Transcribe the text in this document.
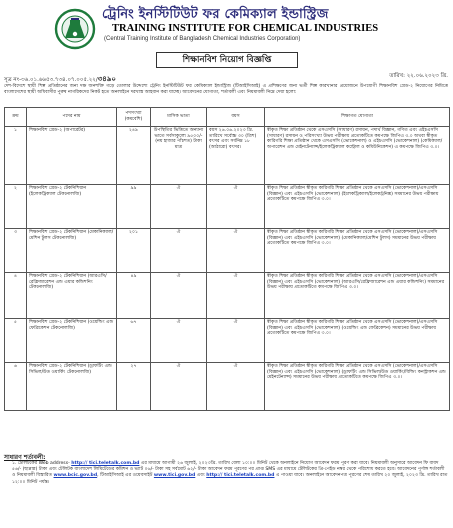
ট্রেনিং ইনস্টিটিউট ফর কেমিক্যাল ইন্ডাস্ট্রিজ
TRAINING INSTITUTE FOR CHEMICAL INDUSTRIES
(Central Training Institute of Bangladesh Chemical Industries Corporation)
শিক্ষানবিশ নিয়োগ বিজ্ঞপ্তি
সূত্র নং-৩৬.০১.৬৬৫৩.৭৩৪.০৭.০০৫.২২/৩৪৯০	তারিখ: ২২.০৬.২০২৩ খ্রি.
দেশ-বিদেশে স্থায়ী শিল্প প্রতিষ্ঠানের জন্য দক্ষ জনশক্তি গড়ে তোলার উদ্দেশ্যে ট্রেনিং ইনস্টিটিউট ফর কেমিক্যাল ইন্ডাস্ট্রিজ (টিআইসিআই) এ প্রশিক্ষণের জন্য ভর্তী শিল্প কারখানার প্রয়োজনে উপযোগী শিক্ষানবিশ গ্রেড-২ নিয়োগের নিমিত্তে বাংলাদেশের স্থায়ী অধিবাসীর পুরুষ নাগরিকদের নিকট হতে অনলাইনে দরখাস্ত আহবান করা যাচ্ছে। আবেদনের যোগ্যতা, শর্তাবলী এবং নিয়মাবলী নিম্নে দেয়া হলো:
ক্রম	পদের নাম	পদসংখ্যা (কমবেশি)	মাসিক ভাতা	বয়স	শিক্ষাগত যোগ্যতা
১	শিক্ষানবিশ গ্রেড-২ (অপারেটর)	২৪৯	উপস্থিতির ভিত্তিতে অন্যান্য ভাতে সর্বসাকুল্যে ৯৫০০/- (নয় হাজার পাঁচশত) টাকা মাত্র	বয়স ২৬.০৬.২০২৩ খ্রি. তারিখে সর্বোচ্চ ৩০ (ত্রিশ) বৎসর এবং সর্বনিম্ন ১৮ (আঠারো) বৎসর।	স্বীকৃত শিক্ষা প্রতিষ্ঠান থেকে এসএসসি (সাধারণ) রসায়ন, পদার্থ বিজ্ঞান, গণিত এবং এইচএসসি (সাধারণ) রসায়ন ও পরিসংখ্যা উভয় পরীক্ষায় প্রত্যেকটিতে কমপক্ষে জিপিএ ৩.০ অথবা স্বীকৃত কারিগরি শিক্ষা প্রতিষ্ঠান থেকে এসএসসি (ভোকেশনাল) ও এইচএসসি (ভোকেশনাল) (কেমিক্যাল/অপারেশন এন্ড মেইনটেন্যান্স/ইলেকট্রিক্যাল কন্ট্রোল ও কমিউনিকেশন) এ কমপক্ষে জিপিএ ৩.০।
২	শিক্ষানবিশ গ্রেড-২ টেকনিশিয়ান (ইলেকট্রিক্যাল টেকনোলজি)	৯৯	ঐ	ঐ	স্বীকৃত শিক্ষা প্রতিষ্ঠান স্বীকৃত কারিগরি শিক্ষা প্রতিষ্ঠান থেকে এসএসসি (ভোকেশনাল)/এসএসসি (বিজ্ঞান) এবং এইচএসসি (ভোকেশনাল) (ইলেকট্রিক্যাল/ইলেকট্রনিক্স) সমমানের উভয় পরীক্ষায় প্রত্যেকটিতে কমপক্ষে জিপিএ ৩.০।
৩	শিক্ষানবিশ গ্রেড-২ টেকনিশিয়ান (মেকানিক্যাল/মেশিন টুলস টেকনোলজি)	২০১	ঐ	ঐ	স্বীকৃত শিক্ষা প্রতিষ্ঠান স্বীকৃত কারিগরি শিক্ষা প্রতিষ্ঠান থেকে এসএসসি (ভোকেশনাল)/এসএসসি (বিজ্ঞান) এবং এইচএসসি (ভোকেশনাল) (মেকানিক্যাল/মেশিন টুলস) সমমানের উভয় পরীক্ষায় প্রত্যেকটিতে কমপক্ষে জিপিএ ৩.০।
৪	শিক্ষানবিশ গ্রেড-২ টেকনিশিয়ান (আরএসি/রেফ্রিজারেশন এন্ড এয়ার কন্ডিশনিং টেকনোলজি)	৪৯	ঐ	ঐ	স্বীকৃত শিক্ষা প্রতিষ্ঠান স্বীকৃত কারিগরি শিক্ষা প্রতিষ্ঠান থেকে এসএসসি (ভোকেশনাল)/এসএসসি (বিজ্ঞান) এবং এইচএসসি (ভোকেশনাল) (আরএসি/রেফ্রিজারেশন এন্ড এয়ার কন্ডিশনিং) সমমানের উভয় পরীক্ষায় প্রত্যেকটিতে কমপক্ষে জিপিএ ৩.০।
৫	শিক্ষানবিশ গ্রেড-২ টেকনিশিয়ান (ওয়েল্ডিং এন্ড ফেব্রিকেশন টেকনোলজি)	৬৭	ঐ	ঐ	স্বীকৃত শিক্ষা প্রতিষ্ঠান স্বীকৃত কারিগরি শিক্ষা প্রতিষ্ঠান থেকে এসএসসি (ভোকেশনাল)/এসএসসি (বিজ্ঞান) এবং এইচএসসি (ভোকেশনাল) (ওয়েল্ডিং এন্ড ফেব্রিকেশন) সমমানের উভয় পরীক্ষায় প্রত্যেকটিতে কমপক্ষে জিপিএ ৩.০।
৬	শিক্ষানবিশ গ্রেড-২ টেকনিশিয়ান (ড্রাফটিং এন্ড সিভিল/উড ওয়ার্কিং টেকনোলজি)	২৭	ঐ	ঐ	স্বীকৃত শিক্ষা প্রতিষ্ঠান স্বীকৃত কারিগরি শিক্ষা প্রতিষ্ঠান থেকে এসএসসি (ভোকেশনাল)/এসএসসি (বিজ্ঞান) এবং এইচএসসি (ভোকেশনাল) (ড্রাফটিং এন্ড সিভিল/উড ওয়ার্কিং/বিল্ডিং কনস্ট্রাকশন এন্ড মেইনটেন্যান্স) সমমানের উভয় পরীক্ষায় প্রত্যেকটিতে কমপক্ষে জিপিএ ৩.০।
সাধারণ শর্তাবলী:
১. টেলিটকের Web address- http:// tici.teletalk.com.bd এর মাধ্যমে আগামী ২৬ জুলাই, ২০২৩খ্রি. তারিখ বেলা ১০:০০ মিনিট থেকে অনলাইনে নিয়োগ আবেদন ফরম পূরণ করা যাবে। নিয়মাবলী অনুসারে আবেদন ফি বাবদ ৫৬/- (ছাপ্পান্ন) টাকা এবং টেলিটক বাংলাদেশ লিমিটেডের কমিশন ও ভ্যাট ০৬/- টাকা সহ সর্বমোট ৬২/- টাকা আবেদন ফরম পূরণের পর প্রাপ্ত SMS এর মাধ্যমে টেলিটকের প্রি-পেইড নম্বর থেকে পরিশোধ করতে হবে। আবেদনের পূর্ণাঙ্গ শর্তাবলী ও নিয়মাবলী বিস্তারিত www.bcic.gov.bd, টিআইসিআই এর ওয়েবসাইট www.tici.gov.bd এবং http:// tici.teletalk.com.bd এ পাওয়া যাবে। অনলাইনে আবেদনপত্র পূরণের শেষ তারিখ ২০ জুলাই, ২০২৩ খ্রি. তারিখ রাত ১২:০০ মিনিট পর্যন্ত।
